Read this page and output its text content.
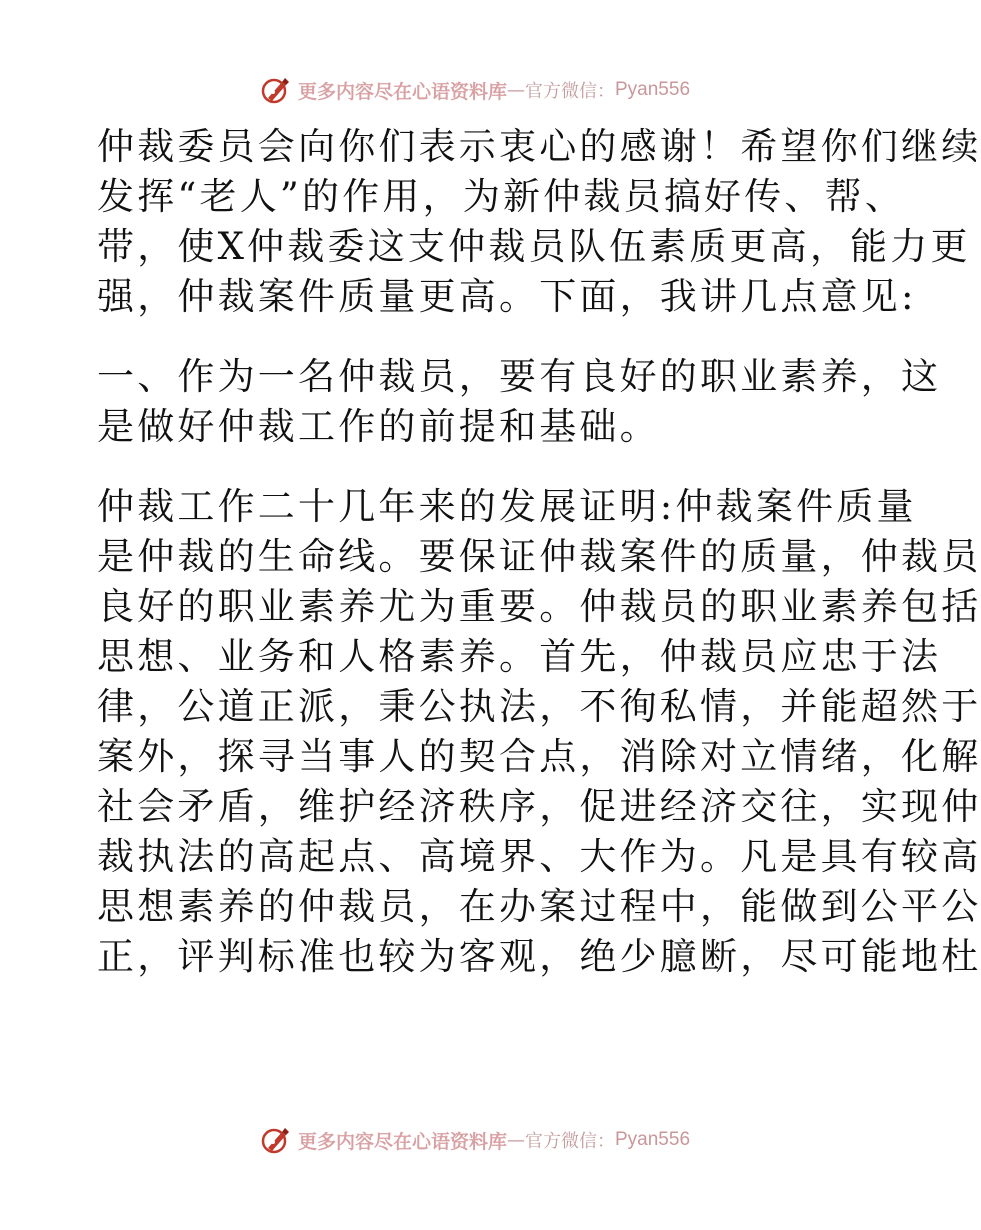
更多内容尽在心语资料库 — 官方微信： Pyan556
仲裁委员会向你们表示衷心的感谢！希望你们继续
发挥“老人”的作用，为新仲裁员搞好传、帮、
带，使X仲裁委这支仲裁员队伍素质更高，能力更
强，仲裁案件质量更高。下面，我讲几点意见:
一、作为一名仲裁员，要有良好的职业素养，这
是做好仲裁工作的前提和基础。
仲裁工作二十几年来的发展证明:仲裁案件质量
是仲裁的生命线。要保证仲裁案件的质量，仲裁员
良好的职业素养尤为重要。仲裁员的职业素养包括
思想、业务和人格素养。首先，仲裁员应忠于法
律，公道正派，秉公执法，不徇私情，并能超然于
案外，探寻当事人的契合点，消除对立情绪，化解
社会矛盾，维护经济秩序，促进经济交往，实现仲
裁执法的高起点、高境界、大作为。凡是具有较高
思想素养的仲裁员，在办案过程中，能做到公平公
正，评判标准也较为客观，绝少臆断，尽可能地杜
更多内容尽在心语资料库 — 官方微信： Pyan556
